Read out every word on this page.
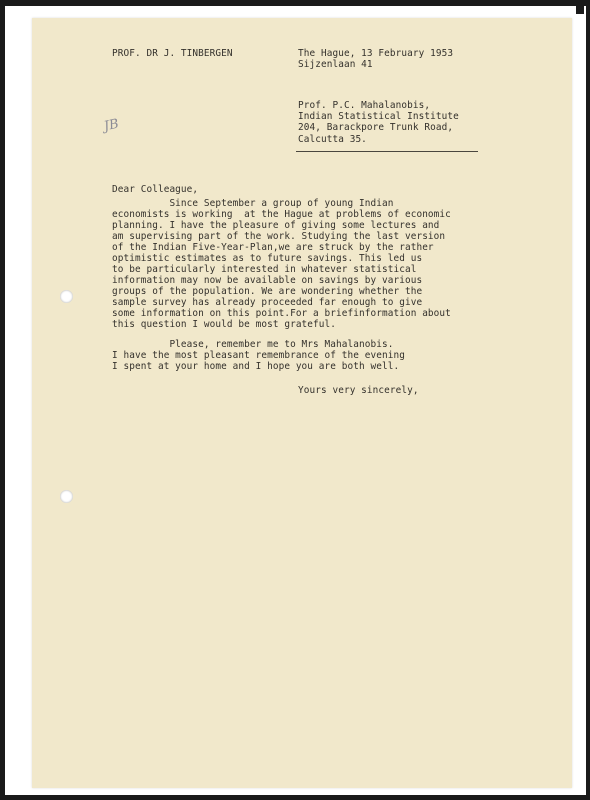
PROF. DR J. TINBERGEN	The Hague, 13 February 1953
Sijzenlaan 41
JB
Prof. P.C. Mahalanobis,
Indian Statistical Institute
204, Barackpore Trunk Road,
Calcutta 35.
Dear Colleague,
Since September a group of young Indian
economists is working  at the Hague at problems of economic
planning. I have the pleasure of giving some lectures and
am supervising part of the work. Studying the last version
of the Indian Five-Year-Plan,we are struck by the rather
optimistic estimates as to future savings. This led us
to be particularly interested in whatever statistical
information may now be available on savings by various
groups of the population. We are wondering whether the
sample survey has already proceeded far enough to give
some information on this point.For a briefinformation about
this question I would be most grateful.
Please, remember me to Mrs Mahalanobis.
I have the most pleasant remembrance of the evening
I spent at your home and I hope you are both well.
Yours very sincerely,
